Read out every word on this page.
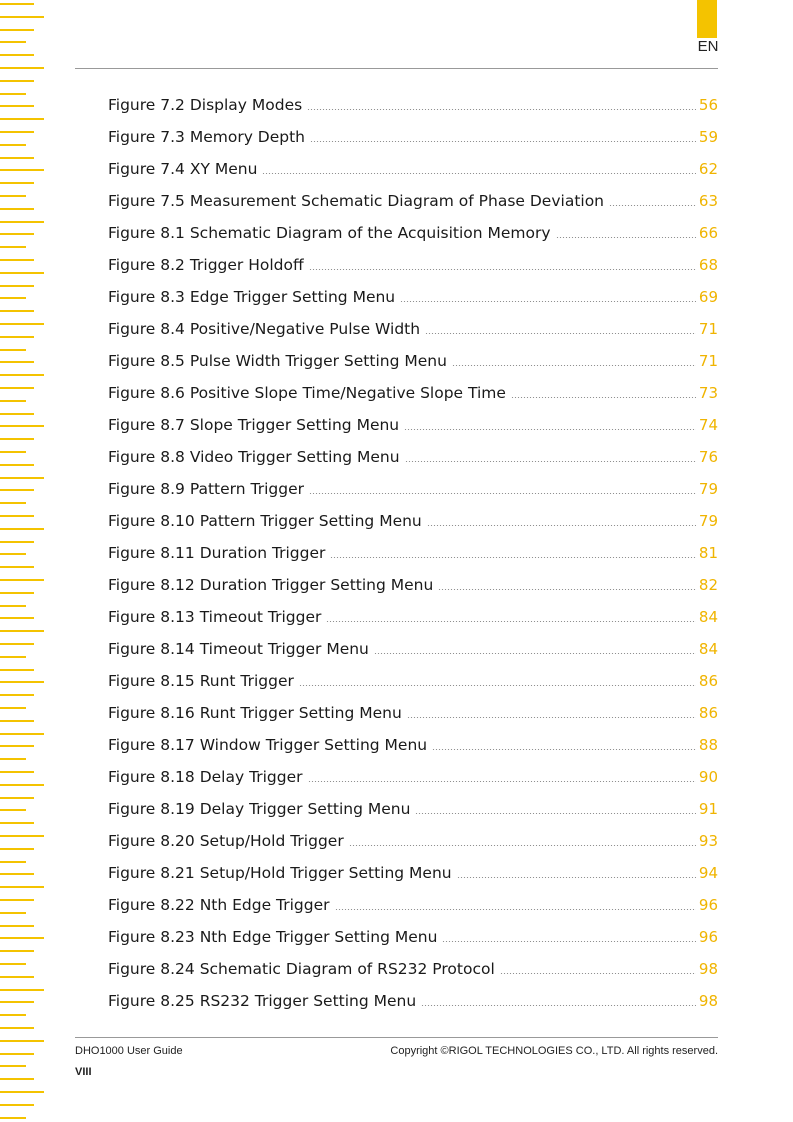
EN
Figure 7.2 Display Modes	56
Figure 7.3 Memory Depth	59
Figure 7.4 XY Menu	62
Figure 7.5 Measurement Schematic Diagram of Phase Deviation	63
Figure 8.1 Schematic Diagram of the Acquisition Memory	66
Figure 8.2 Trigger Holdoff	68
Figure 8.3 Edge Trigger Setting Menu	69
Figure 8.4 Positive/Negative Pulse Width	71
Figure 8.5 Pulse Width Trigger Setting Menu	71
Figure 8.6 Positive Slope Time/Negative Slope Time	73
Figure 8.7 Slope Trigger Setting Menu	74
Figure 8.8 Video Trigger Setting Menu	76
Figure 8.9 Pattern Trigger	79
Figure 8.10 Pattern Trigger Setting Menu	79
Figure 8.11 Duration Trigger	81
Figure 8.12 Duration Trigger Setting Menu	82
Figure 8.13 Timeout Trigger	84
Figure 8.14 Timeout Trigger Menu	84
Figure 8.15 Runt Trigger	86
Figure 8.16 Runt Trigger Setting Menu	86
Figure 8.17 Window Trigger Setting Menu	88
Figure 8.18 Delay Trigger	90
Figure 8.19 Delay Trigger Setting Menu	91
Figure 8.20 Setup/Hold Trigger	93
Figure 8.21 Setup/Hold Trigger Setting Menu	94
Figure 8.22 Nth Edge Trigger	96
Figure 8.23 Nth Edge Trigger Setting Menu	96
Figure 8.24 Schematic Diagram of RS232 Protocol	98
Figure 8.25 RS232 Trigger Setting Menu	98
DHO1000 User Guide	Copyright ©RIGOL TECHNOLOGIES CO., LTD. All rights reserved.
VIII
